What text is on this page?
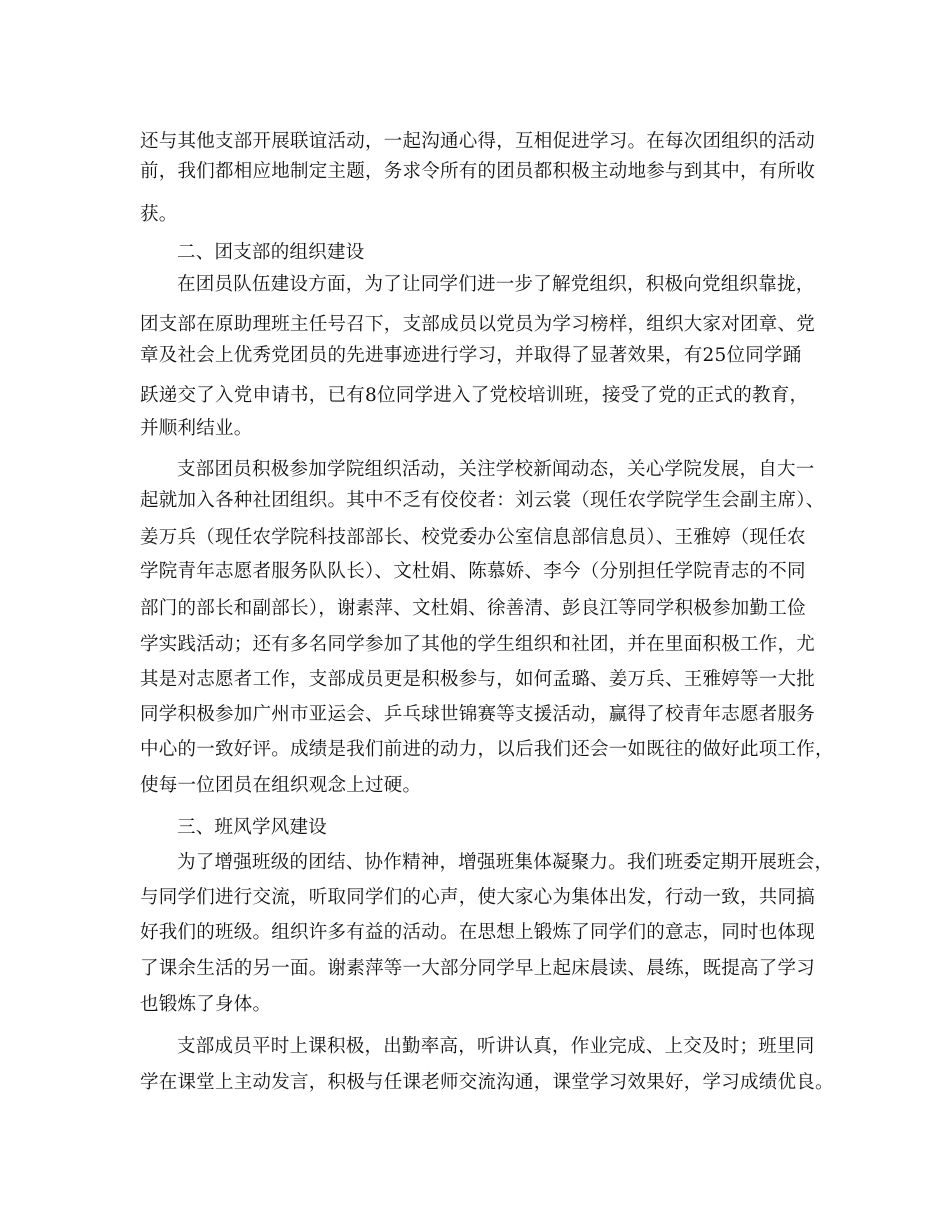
还与其他支部开展联谊活动，一起沟通心得，互相促进学习。在每次团组织的活动
前，我们都相应地制定主题，务求令所有的团员都积极主动地参与到其中，有所收
获。
二、团支部的组织建设
在团员队伍建设方面，为了让同学们进一步了解党组织，积极向党组织靠拢，
团支部在原助理班主任号召下，支部成员以党员为学习榜样，组织大家对团章、党
章及社会上优秀党团员的先进事迹进行学习，并取得了显著效果，有25位同学踊
跃递交了入党申请书，已有8位同学进入了党校培训班，接受了党的正式的教育，
并顺利结业。
支部团员积极参加学院组织活动，关注学校新闻动态，关心学院发展，自大一
起就加入各种社团组织。其中不乏有佼佼者：刘云裳（现任农学院学生会副主席）、
姜万兵（现任农学院科技部部长、校党委办公室信息部信息员）、王雅婷（现任农
学院青年志愿者服务队队长）、文杜娟、陈慕娇、李今（分别担任学院青志的不同
部门的部长和副部长），谢素萍、文杜娟、徐善清、彭良江等同学积极参加勤工俭
学实践活动；还有多名同学参加了其他的学生组织和社团，并在里面积极工作，尤
其是对志愿者工作，支部成员更是积极参与，如何孟璐、姜万兵、王雅婷等一大批
同学积极参加广州市亚运会、乒乓球世锦赛等支援活动，赢得了校青年志愿者服务
中心的一致好评。成绩是我们前进的动力，以后我们还会一如既往的做好此项工作，
使每一位团员在组织观念上过硬。
三、班风学风建设
为了增强班级的团结、协作精神，增强班集体凝聚力。我们班委定期开展班会，
与同学们进行交流，听取同学们的心声，使大家心为集体出发，行动一致，共同搞
好我们的班级。组织许多有益的活动。在思想上锻炼了同学们的意志，同时也体现
了课余生活的另一面。谢素萍等一大部分同学早上起床晨读、晨练，既提高了学习
也锻炼了身体。
支部成员平时上课积极，出勤率高，听讲认真，作业完成、上交及时；班里同
学在课堂上主动发言，积极与任课老师交流沟通，课堂学习效果好，学习成绩优良。
